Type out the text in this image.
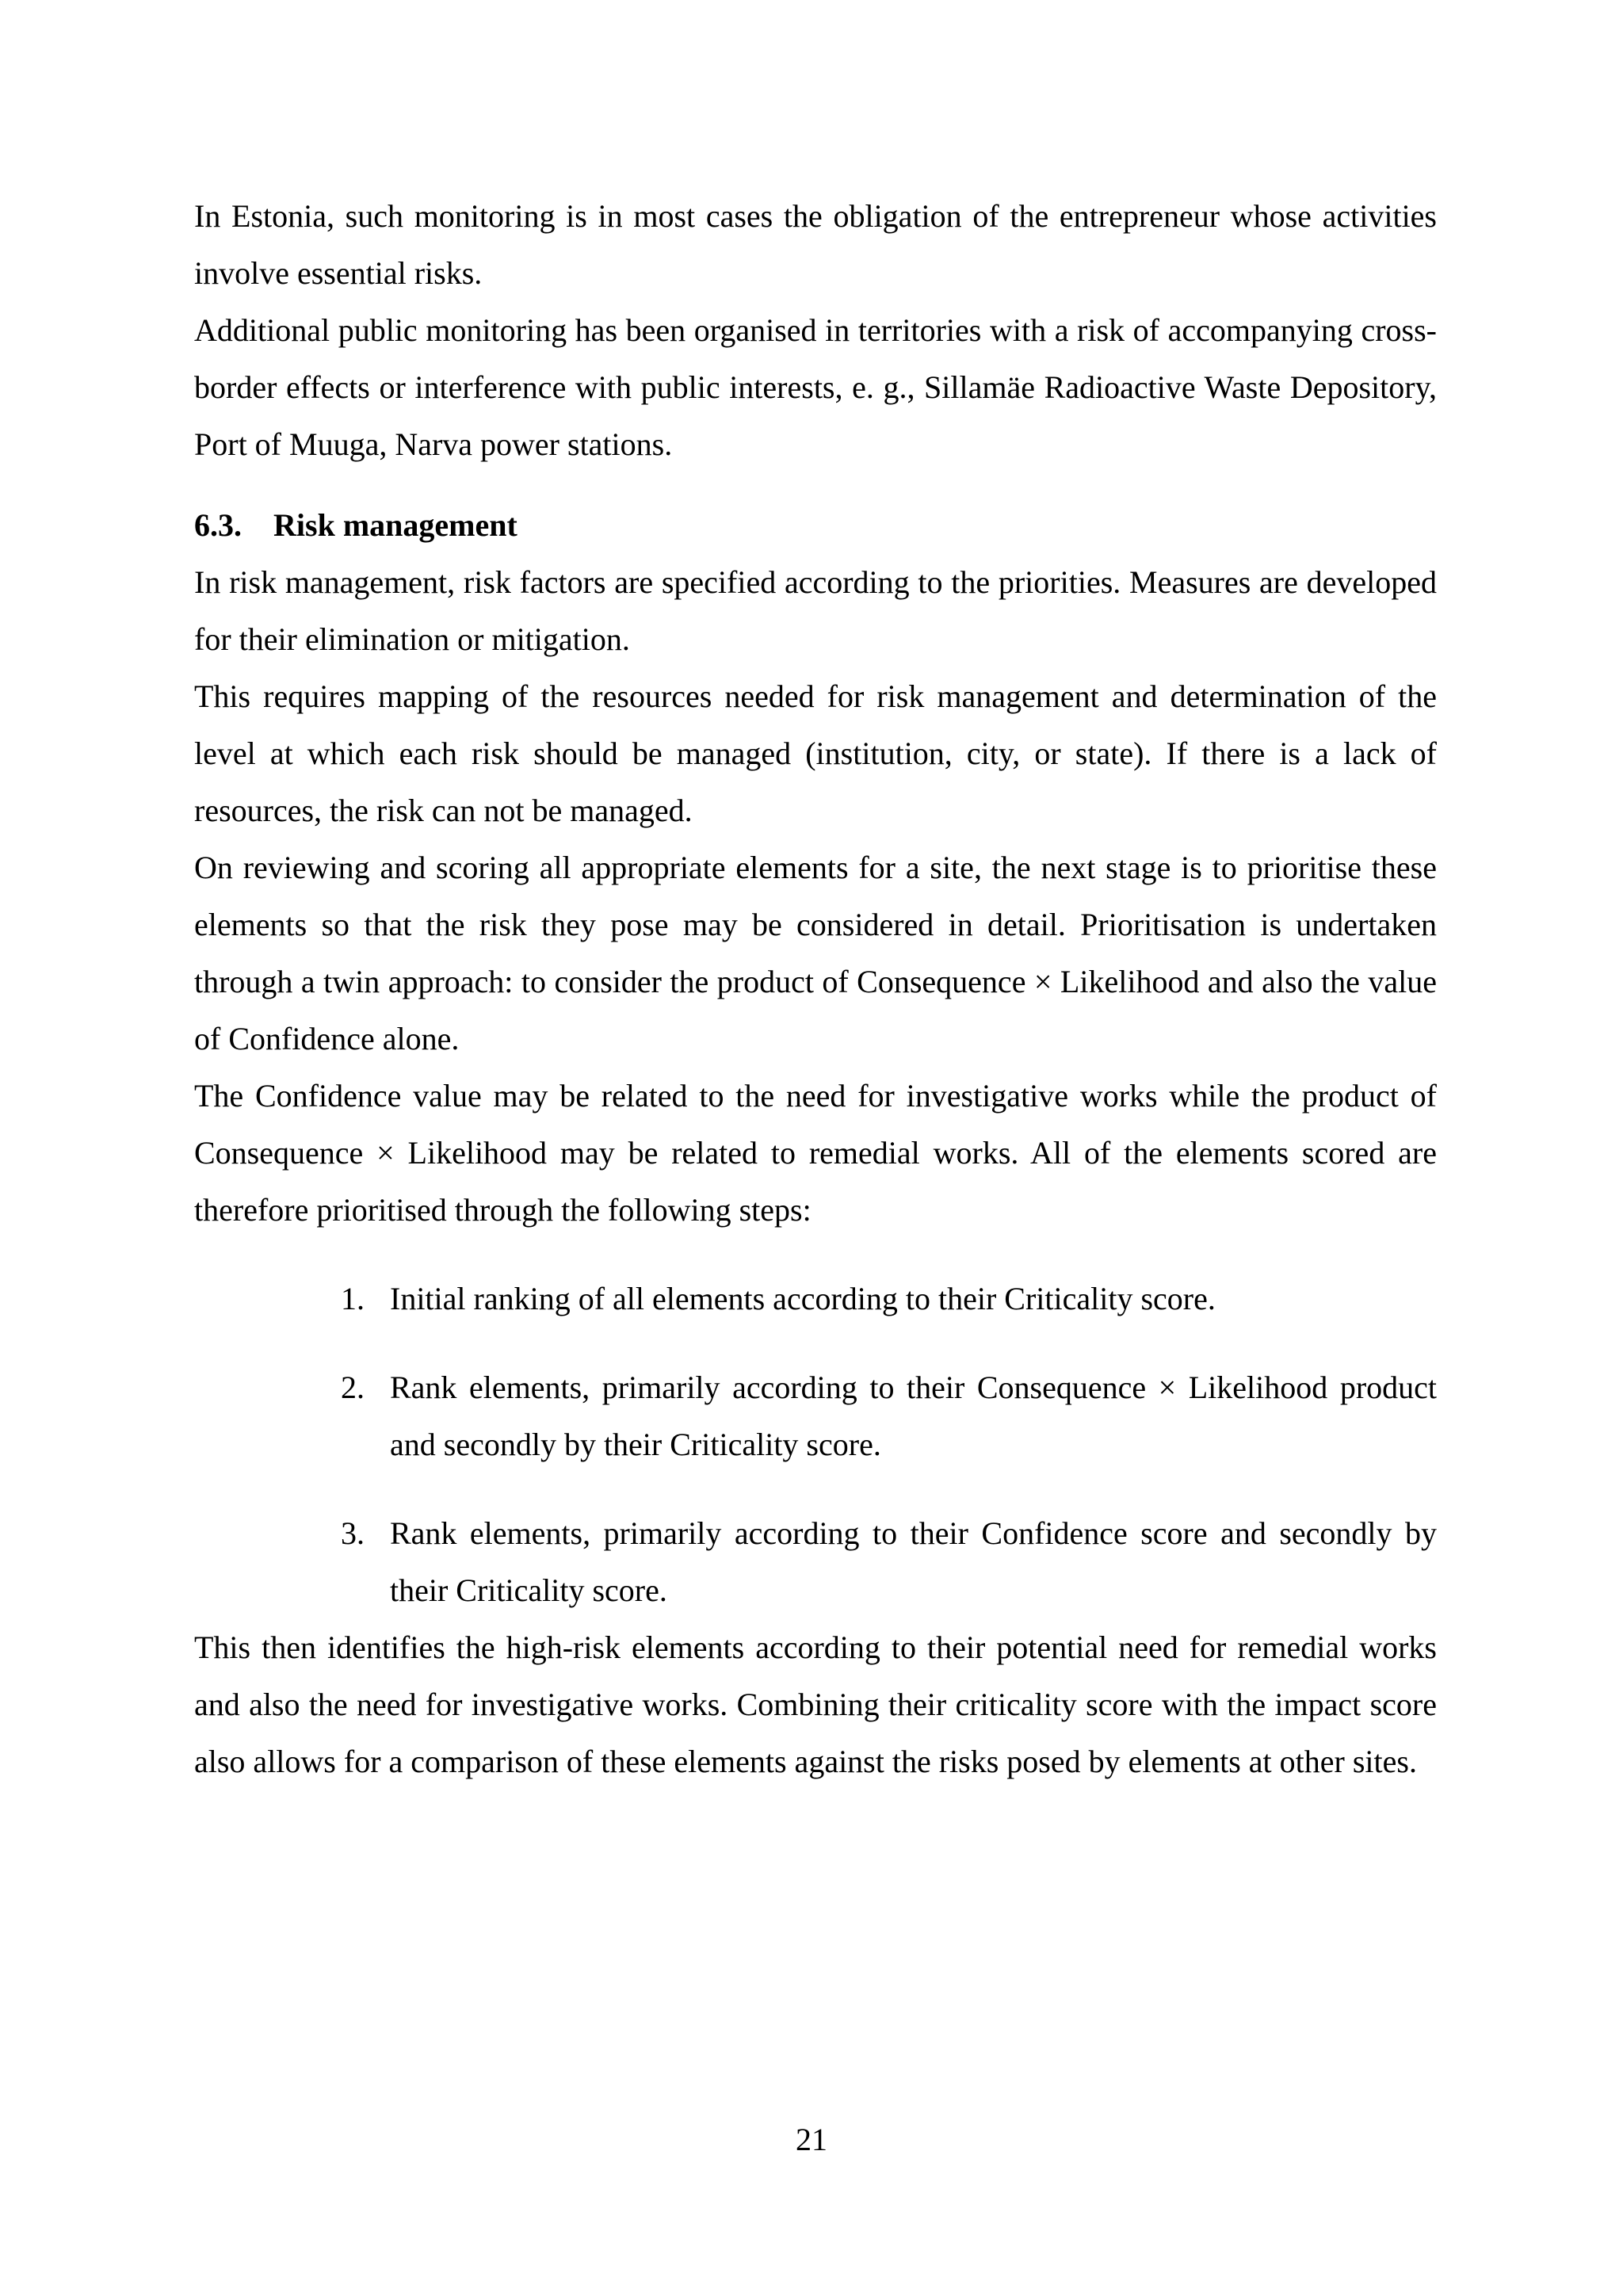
In Estonia, such monitoring is in most cases the obligation of the entrepreneur whose activities involve essential risks.

Additional public monitoring has been organised in territories with a risk of accompanying cross-border effects or interference with public interests, e. g., Sillamäe Radioactive Waste Depository, Port of Muuga, Narva power stations.

6.3. Risk management

In risk management, risk factors are specified according to the priorities. Measures are developed for their elimination or mitigation.

This requires mapping of the resources needed for risk management and determination of the level at which each risk should be managed (institution, city, or state). If there is a lack of resources, the risk can not be managed.

On reviewing and scoring all appropriate elements for a site, the next stage is to prioritise these elements so that the risk they pose may be considered in detail. Prioritisation is undertaken through a twin approach: to consider the product of Consequence × Likelihood and also the value of Confidence alone.

The Confidence value may be related to the need for investigative works while the product of Consequence × Likelihood may be related to remedial works. All of the elements scored are therefore prioritised through the following steps:

1. Initial ranking of all elements according to their Criticality score.
2. Rank elements, primarily according to their Consequence × Likelihood product and secondly by their Criticality score.
3. Rank elements, primarily according to their Confidence score and secondly by their Criticality score.

This then identifies the high-risk elements according to their potential need for remedial works and also the need for investigative works. Combining their criticality score with the impact score also allows for a comparison of these elements against the risks posed by elements at other sites.

21
